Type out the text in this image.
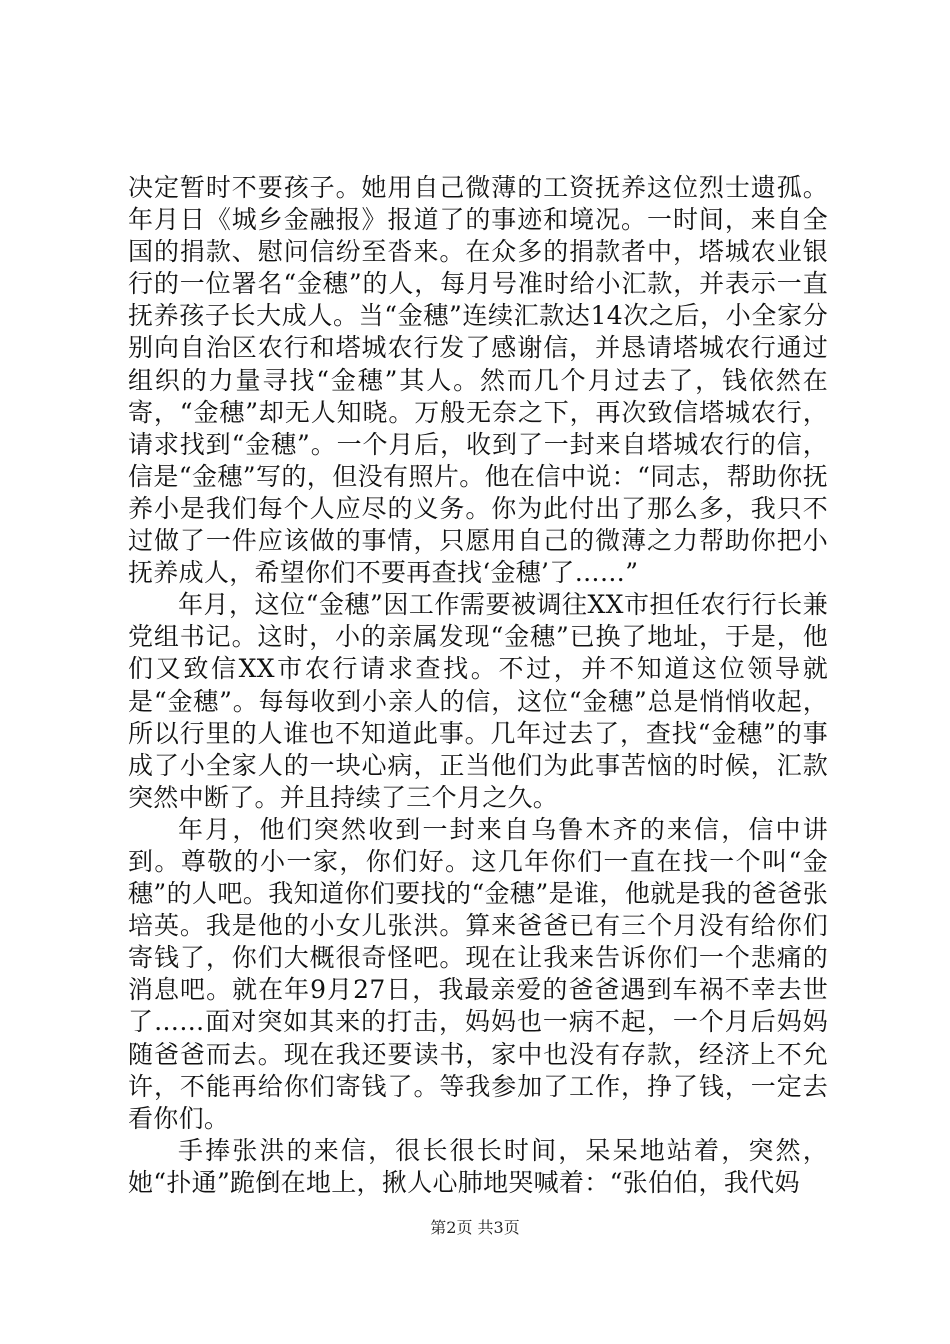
决定暂时不要孩子。她用自己微薄的工资抚养这位烈士遗孤。年月日《城乡金融报》报道了的事迹和境况。一时间，来自全国的捐款、慰问信纷至沓来。在众多的捐款者中，塔城农业银行的一位署名“金穗”的人，每月号准时给小汇款，并表示一直抚养孩子长大成人。当“金穗”连续汇款达14次之后，小全家分别向自治区农行和塔城农行发了感谢信，并恳请塔城农行通过组织的力量寻找“金穗”其人。然而几个月过去了，钱依然在寄，“金穗”却无人知晓。万般无奈之下，再次致信塔城农行，请求找到“金穗”。一个月后，收到了一封来自塔城农行的信，信是“金穗”写的，但没有照片。他在信中说：“同志，帮助你抚养小是我们每个人应尽的义务。你为此付出了那么多，我只不过做了一件应该做的事情，只愿用自己的微薄之力帮助你把小抚养成人，希望你们不要再查找‘金穗’了……”

年月，这位“金穗”因工作需要被调往XX市担任农行行长兼党组书记。这时，小的亲属发现“金穗”已换了地址，于是，他们又致信XX市农行请求查找。不过，并不知道这位领导就是“金穗”。每每收到小亲人的信，这位“金穗”总是悄悄收起，所以行里的人谁也不知道此事。几年过去了，查找“金穗”的事成了小全家人的一块心病，正当他们为此事苦恼的时候，汇款突然中断了。并且持续了三个月之久。

年月，他们突然收到一封来自乌鲁木齐的来信，信中讲到。尊敬的小一家，你们好。这几年你们一直在找一个叫“金穗”的人吧。我知道你们要找的“金穗”是谁，他就是我的爸爸张培英。我是他的小女儿张洪。算来爸爸已有三个月没有给你们寄钱了，你们大概很奇怪吧。现在让我来告诉你们一个悲痛的消息吧。就在年9月27日，我最亲爱的爸爸遇到车祸不幸去世了……面对突如其来的打击，妈妈也一病不起，一个月后妈妈随爸爸而去。现在我还要读书，家中也没有存款，经济上不允许，不能再给你们寄钱了。等我参加了工作，挣了钱，一定去看你们。

手捧张洪的来信，很长很长时间，呆呆地站着，突然，她“扑通”跪倒在地上，揪人心肺地哭喊着：“张伯伯，我代妈

第2页 共3页
